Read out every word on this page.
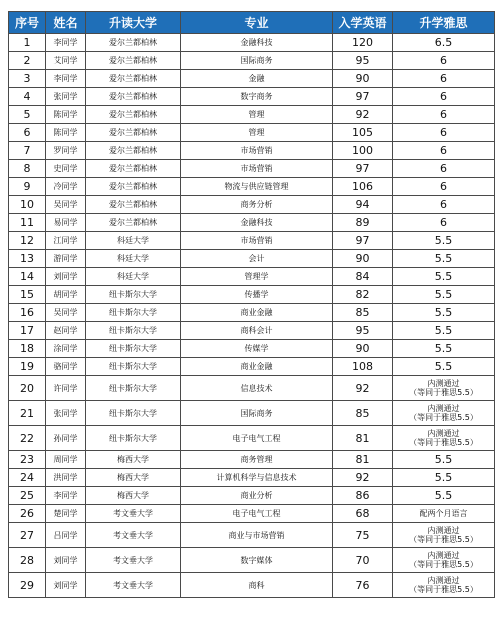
序号	姓名	升读大学	专业	入学英语	升学雅思
1	李同学	爱尔兰都柏林	金融科技	120	6.5
2	艾同学	爱尔兰都柏林	国际商务	95	6
3	李同学	爱尔兰都柏林	金融	90	6
4	张同学	爱尔兰都柏林	数字商务	97	6
5	陈同学	爱尔兰都柏林	管理	92	6
6	陈同学	爱尔兰都柏林	管理	105	6
7	罗同学	爱尔兰都柏林	市场营销	100	6
8	史同学	爱尔兰都柏林	市场营销	97	6
9	冷同学	爱尔兰都柏林	物流与供应链管理	106	6
10	吴同学	爱尔兰都柏林	商务分析	94	6
11	易同学	爱尔兰都柏林	金融科技	89	6
12	江同学	科廷大学	市场营销	97	5.5
13	游同学	科廷大学	会计	90	5.5
14	刘同学	科廷大学	管理学	84	5.5
15	胡同学	纽卡斯尔大学	传播学	82	5.5
16	吴同学	纽卡斯尔大学	商业金融	85	5.5
17	赵同学	纽卡斯尔大学	商科会计	95	5.5
18	涂同学	纽卡斯尔大学	传媒学	90	5.5
19	骆同学	纽卡斯尔大学	商业金融	108	5.5
20	许同学	纽卡斯尔大学	信息技术	92	内测通过
（等同于雅思5.5）

21	张同学	纽卡斯尔大学	国际商务	85	内测通过
（等同于雅思5.5）

22	孙同学	纽卡斯尔大学	电子电气工程	81	内测通过
（等同于雅思5.5）

23	周同学	梅西大学	商务管理	81	5.5
24	洪同学	梅西大学	计算机科学与信息技术	92	5.5
25	李同学	梅西大学	商业分析	86	5.5
26	楚同学	考文垂大学	电子电气工程	68	配两个月语言
27	吕同学	考文垂大学	商业与市场营销	75	内测通过
（等同于雅思5.5）

28	刘同学	考文垂大学	数字媒体	70	内测通过
（等同于雅思5.5）

29	刘同学	考文垂大学	商科	76	内测通过
（等同于雅思5.5）
